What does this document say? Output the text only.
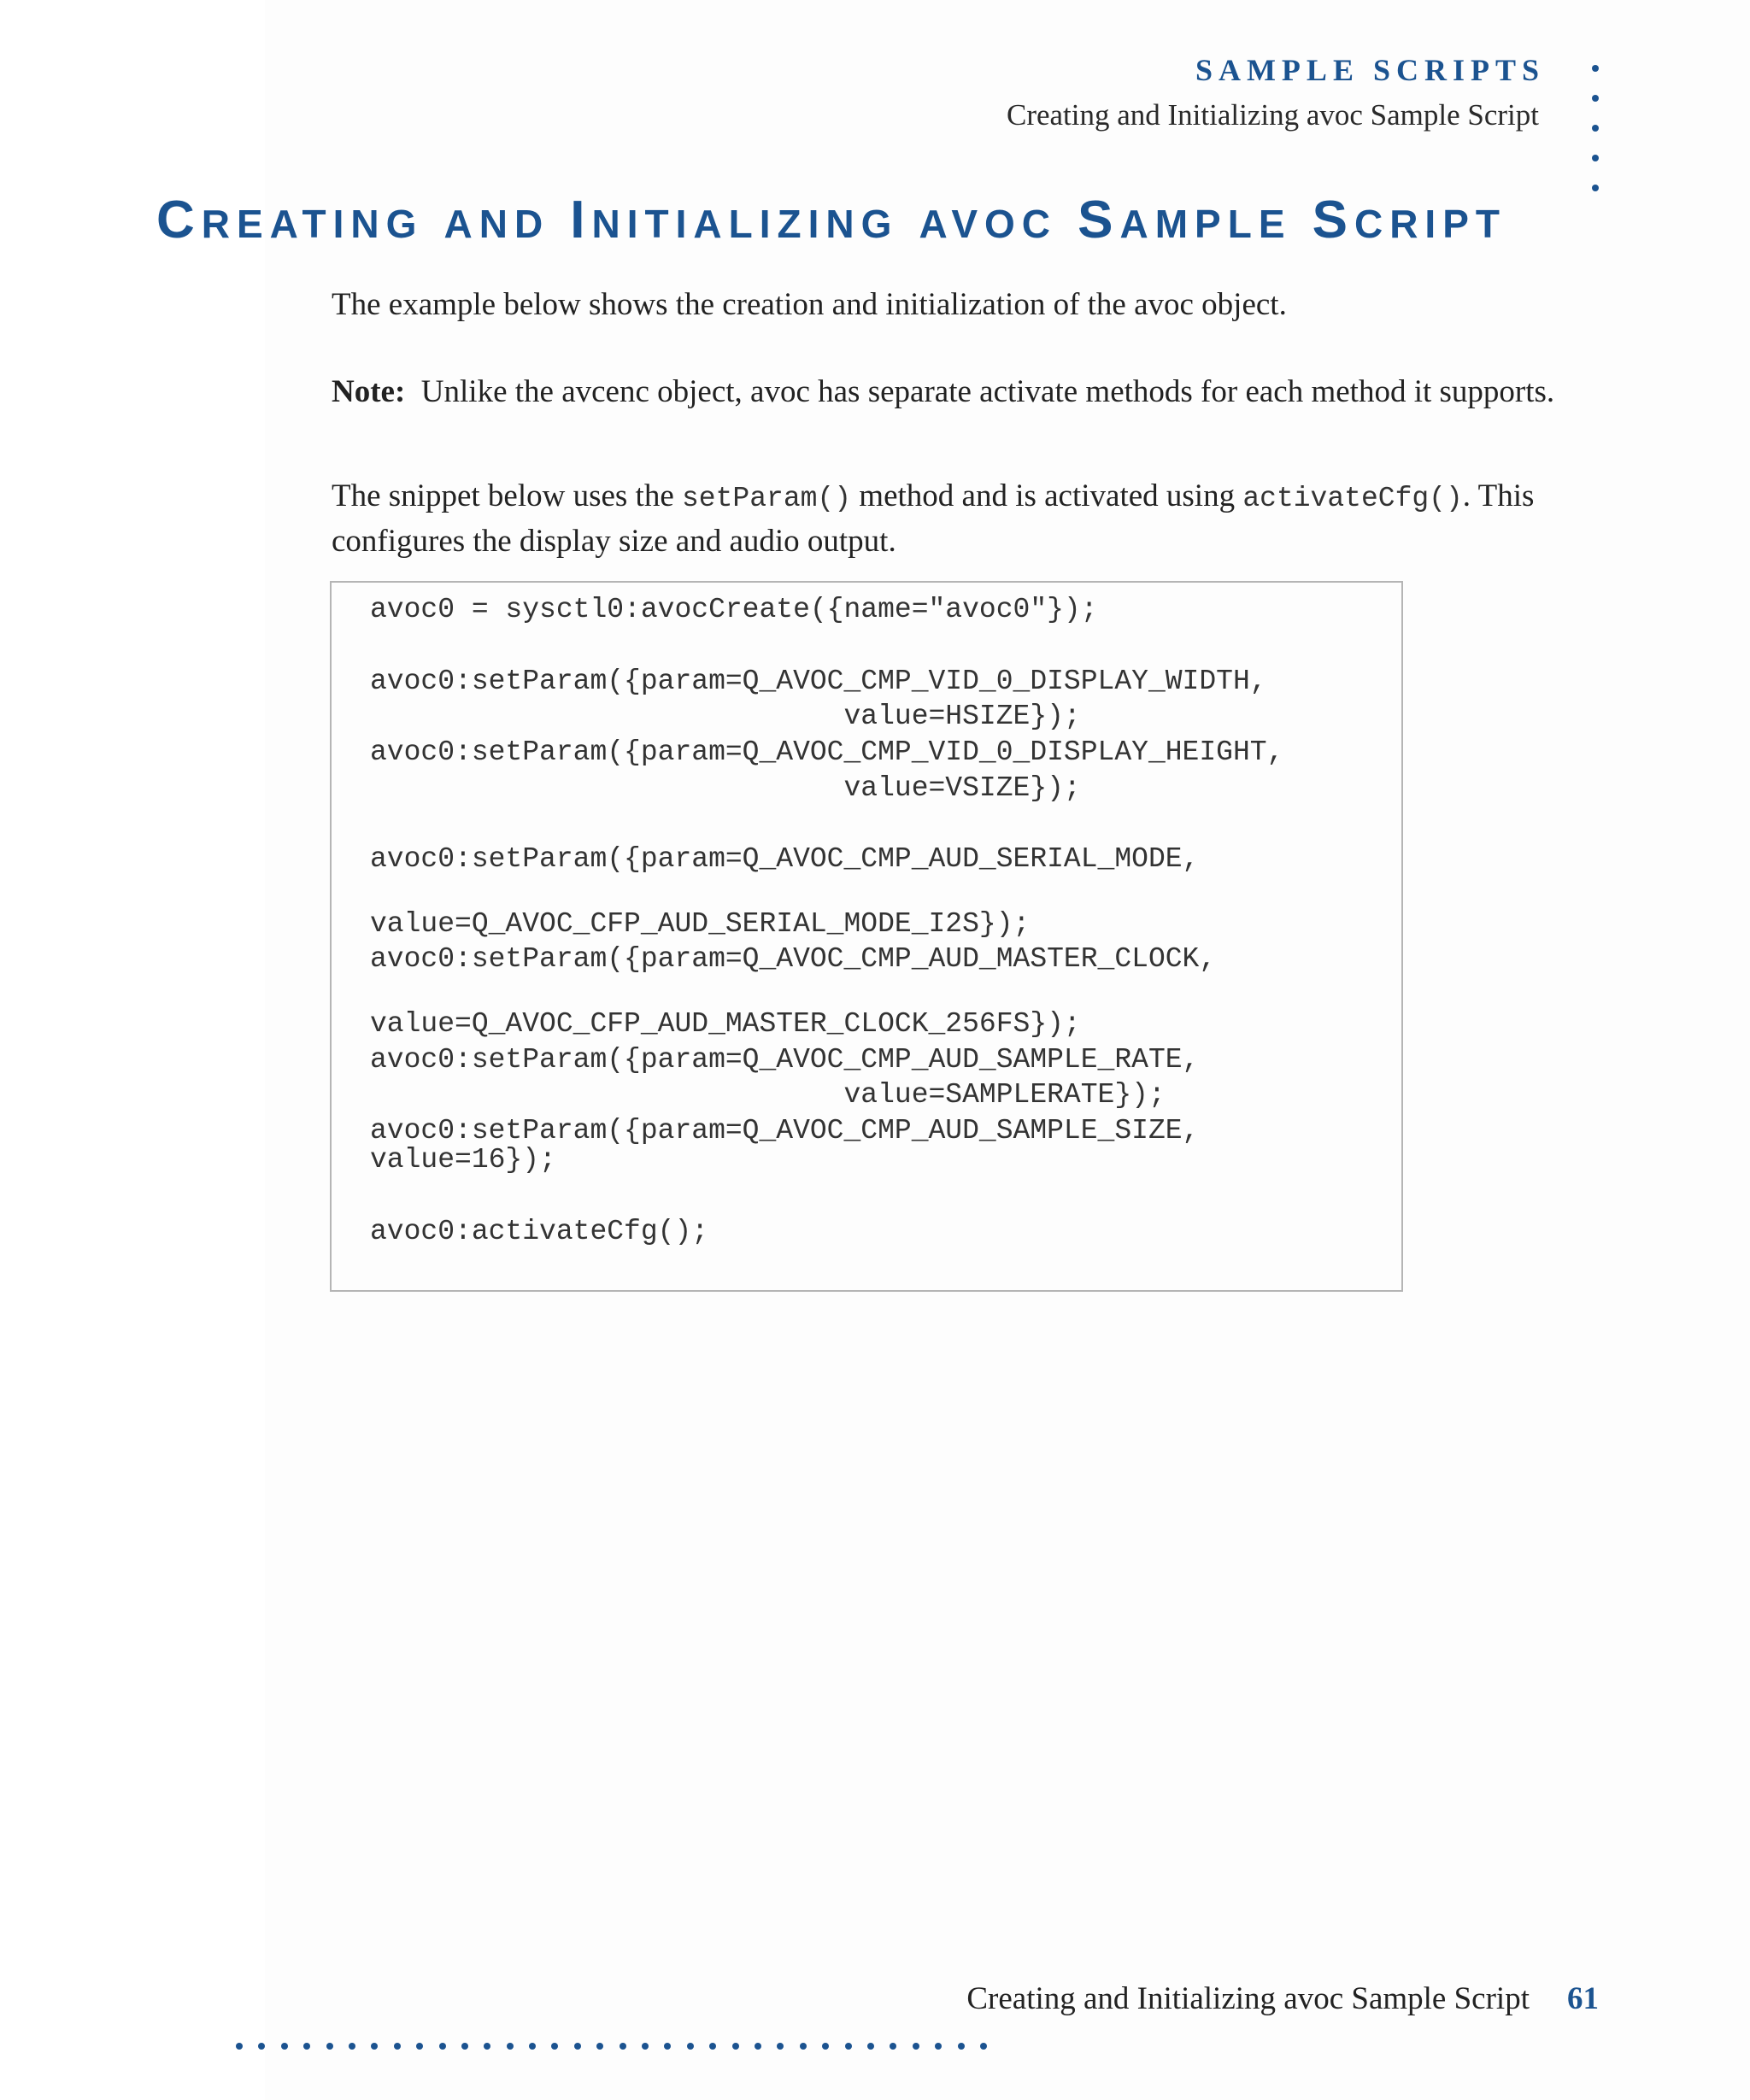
SAMPLE SCRIPTS
Creating and Initializing avoc Sample Script
CREATING AND INITIALIZING AVOC SAMPLE SCRIPT

The example below shows the creation and initialization of the avoc object.

Note: Unlike the avcenc object, avoc has separate activate methods for each method it supports.

The snippet below uses the setParam() method and is activated using activateCfg(). This configures the display size and audio output.

avoc0 = sysctl0:avocCreate({name="avoc0"});
avoc0:setParam({param=Q_AVOC_CMP_VID_0_DISPLAY_WIDTH,
value=HSIZE});
avoc0:setParam({param=Q_AVOC_CMP_VID_0_DISPLAY_HEIGHT,
value=VSIZE});
avoc0:setParam({param=Q_AVOC_CMP_AUD_SERIAL_MODE,
value=Q_AVOC_CFP_AUD_SERIAL_MODE_I2S});
avoc0:setParam({param=Q_AVOC_CMP_AUD_MASTER_CLOCK,
value=Q_AVOC_CFP_AUD_MASTER_CLOCK_256FS});
avoc0:setParam({param=Q_AVOC_CMP_AUD_SAMPLE_RATE,
value=SAMPLERATE});
avoc0:setParam({param=Q_AVOC_CMP_AUD_SAMPLE_SIZE,
value=16});
avoc0:activateCfg();
Creating and Initializing avoc Sample Script 61
